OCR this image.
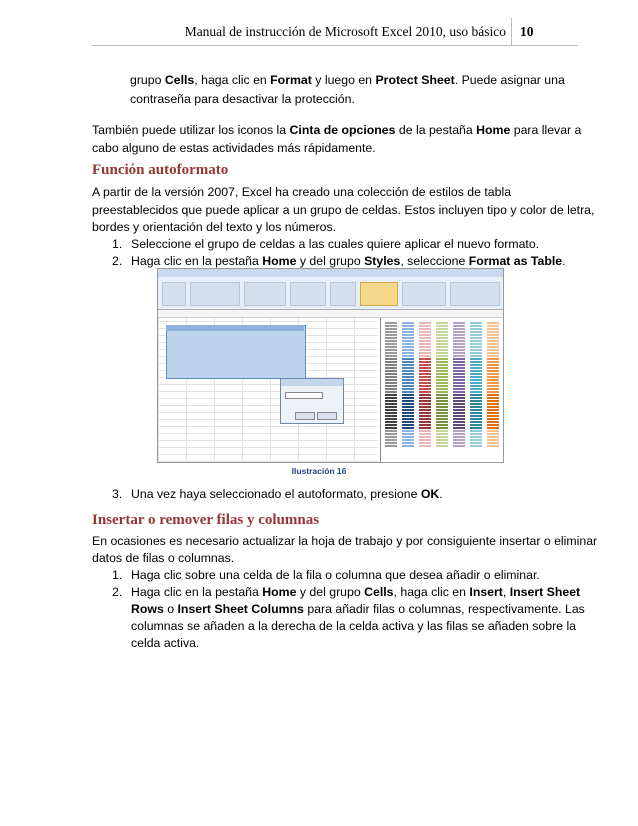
Manual de instrucción de Microsoft Excel 2010, uso básico 10
grupo Cells, haga clic en Format y luego en Protect Sheet. Puede asignar una
contraseña para desactivar la protección.
También puede utilizar los iconos la Cinta de opciones de la pestaña Home para llevar a
cabo alguno de estas actividades más rápidamente.
Función autoformato
A partir de la versión 2007, Excel ha creado una colección de estilos de tabla
preestablecidos que puede aplicar a un grupo de celdas. Estos incluyen tipo y color de letra,
bordes y orientación del texto y los números.
1. Seleccione el grupo de celdas a las cuales quiere aplicar el nuevo formato.
2. Haga clic en la pestaña Home y del grupo Styles, seleccione Format as Table.
Ilustración 16
3. Una vez haya seleccionado el autoformato, presione OK.
Insertar o remover filas y columnas
En ocasiones es necesario actualizar la hoja de trabajo y por consiguiente insertar o eliminar
datos de filas o columnas.
1. Haga clic sobre una celda de la fila o columna que desea añadir o eliminar.
2. Haga clic en la pestaña Home y del grupo Cells, haga clic en Insert, Insert Sheet
Rows o Insert Sheet Columns para añadir filas o columnas, respectivamente. Las
columnas se añaden a la derecha de la celda activa y las filas se añaden sobre la
celda activa.
